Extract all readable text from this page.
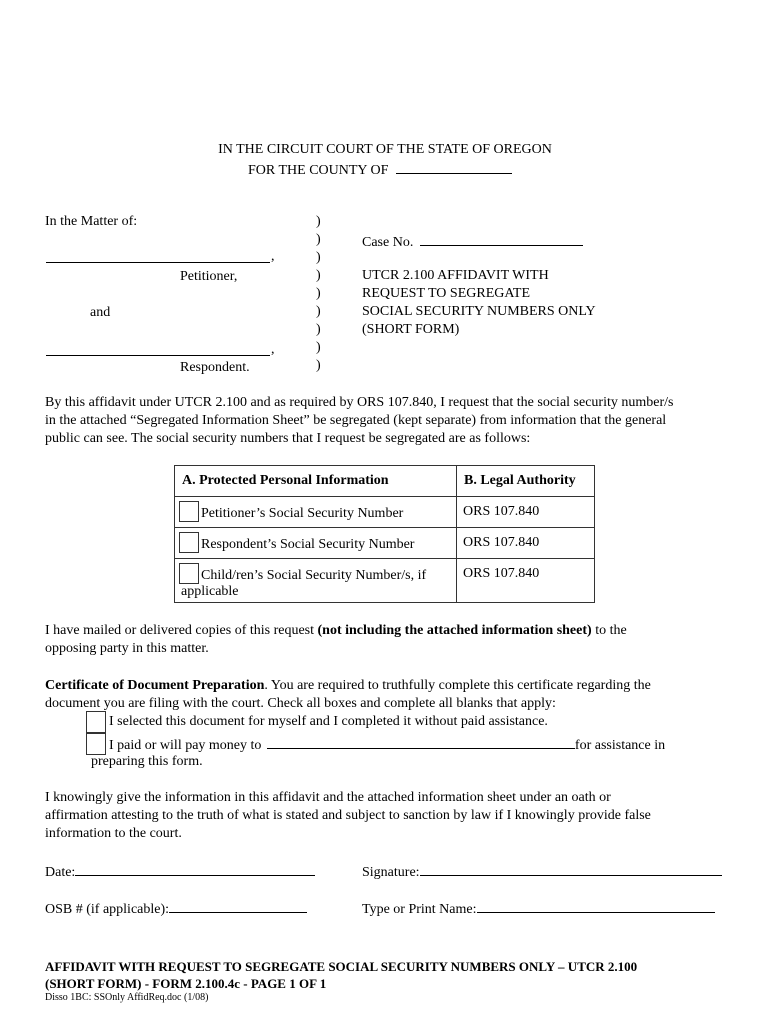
IN THE CIRCUIT COURT OF THE STATE OF OREGON
FOR THE COUNTY OF
In the Matter of:
,
Petitioner,
and
,
Respondent.
)
)
)
)
)
)
)
)
)
Case No.
UTCR 2.100 AFFIDAVIT WITH
REQUEST TO SEGREGATE
SOCIAL SECURITY NUMBERS ONLY
(SHORT FORM)
By this affidavit under UTCR 2.100 and as required by ORS 107.840, I request that the social security number/s
in the attached “Segregated Information Sheet” be segregated (kept separate) from information that the general
public can see. The social security numbers that I request be segregated are as follows:
A. Protected Personal Information	B. Legal Authority
Petitioner’s Social Security Number	ORS 107.840
Respondent’s Social Security Number	ORS 107.840
Child/ren’s Social Security Number/s, if
applicable	ORS 107.840
I have mailed or delivered copies of this request (not including the attached information sheet) to the
opposing party in this matter.
Certificate of Document Preparation. You are required to truthfully complete this certificate regarding the
document you are filing with the court. Check all boxes and complete all blanks that apply:
I selected this document for myself and I completed it without paid assistance.
I paid or will pay money to	for assistance in
preparing this form.
I knowingly give the information in this affidavit and the attached information sheet under an oath or
affirmation attesting to the truth of what is stated and subject to sanction by law if I knowingly provide false
information to the court.
Date:	Signature:
OSB # (if applicable):	Type or Print Name:
AFFIDAVIT WITH REQUEST TO SEGREGATE SOCIAL SECURITY NUMBERS ONLY – UTCR 2.100
(SHORT FORM) - FORM 2.100.4c - PAGE 1 OF 1
Disso 1BC: SSOnly AffidReq.doc (1/08)
